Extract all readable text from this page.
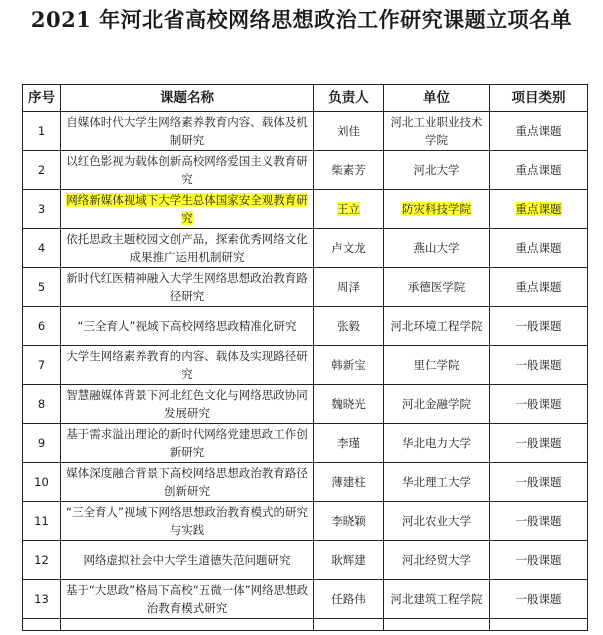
2021 年河北省高校网络思想政治工作研究课题立项名单
序号	课题名称	负责人	单位	项目类别
1	自媒体时代大学生网络素养教育内容、载体及机制研究	刘佳	河北工业职业技术学院	重点课题
2	以红色影视为载体创新高校网络爱国主义教育研究	柴素芳	河北大学	重点课题
3	网络新媒体视域下大学生总体国家安全观教育研究	王立	防灾科技学院	重点课题
4	依托思政主题校园文创产品，探索优秀网络文化成果推广运用机制研究	卢文龙	燕山大学	重点课题
5	新时代红医精神融入大学生网络思想政治教育路径研究	周泽	承德医学院	重点课题
6	“三全育人”视域下高校网络思政精准化研究	张毅	河北环境工程学院	一般课题
7	大学生网络素养教育的内容、载体及实现路径研究	韩新宝	里仁学院	一般课题
8	智慧融媒体背景下河北红色文化与网络思政协同发展研究	魏晓光	河北金融学院	一般课题
9	基于需求溢出理论的新时代网络党建思政工作创新研究	李瑾	华北电力大学	一般课题
10	媒体深度融合背景下高校网络思想政治教育路径创新研究	薄建柱	华北理工大学	一般课题
11	“三全育人”视域下网络思想政治教育模式的研究与实践	李晓颖	河北农业大学	一般课题
12	网络虚拟社会中大学生道德失范问题研究	耿辉建	河北经贸大学	一般课题
13	基于“大思政”格局下高校“五微一体”网络思想政治教育模式研究	任路伟	河北建筑工程学院	一般课题
